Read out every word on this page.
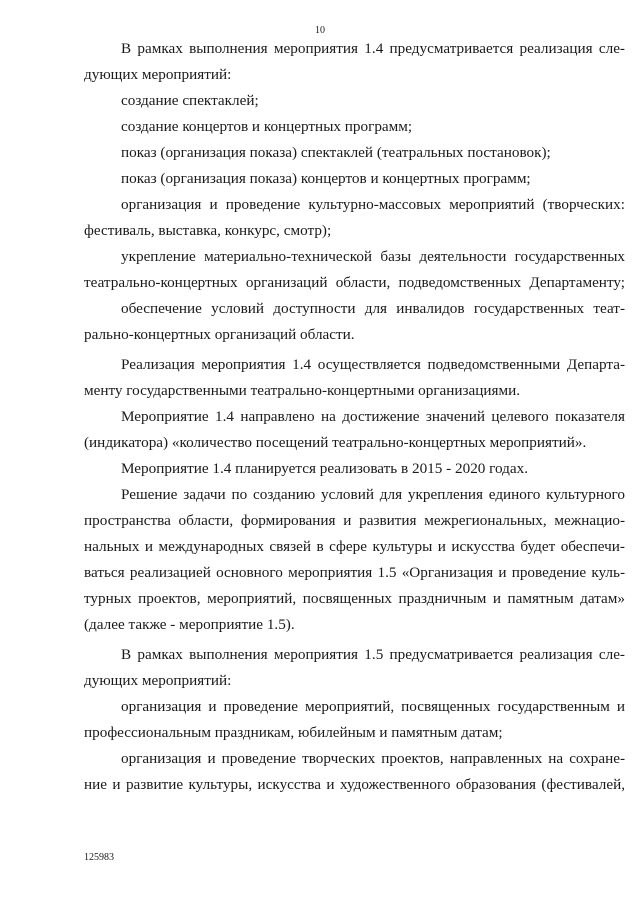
10
В рамках выполнения мероприятия 1.4 предусматривается реализация сле-
дующих мероприятий:
создание спектаклей;
создание концертов и концертных программ;
показ (организация показа) спектаклей (театральных постановок);
показ (организация показа) концертов и концертных программ;
организация и проведение культурно-массовых мероприятий (творческих:
фестиваль, выставка, конкурс, смотр);
укрепление материально-технической базы деятельности государственных
театрально-концертных организаций области, подведомственных Департаменту;
обеспечение условий доступности для инвалидов государственных теат-
рально-концертных организаций области.
Реализация мероприятия 1.4 осуществляется подведомственными Департа-
менту государственными театрально-концертными организациями.
Мероприятие 1.4 направлено на достижение значений целевого показателя
(индикатора) «количество посещений театрально-концертных мероприятий».
Мероприятие 1.4 планируется реализовать в 2015 - 2020 годах.
Решение задачи по созданию условий для укрепления единого культурного
пространства области, формирования и развития межрегиональных, межнацио-
нальных и международных связей в сфере культуры и искусства будет обеспечи-
ваться реализацией основного мероприятия 1.5 «Организация и проведение куль-
турных проектов, мероприятий, посвященных праздничным и памятным датам»
(далее также - мероприятие 1.5).
В рамках выполнения мероприятия 1.5 предусматривается реализация сле-
дующих мероприятий:
организация и проведение мероприятий, посвященных государственным и
профессиональным праздникам, юбилейным и памятным датам;
организация и проведение творческих проектов, направленных на сохране-
ние и развитие культуры, искусства и художественного образования (фестивалей,
125983
